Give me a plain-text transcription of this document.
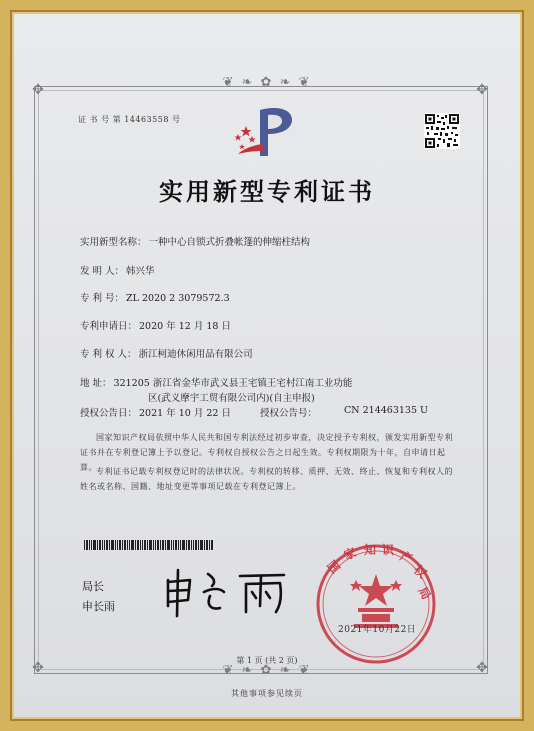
❦ ❧ ✿ ❧ ❦
❦ ❧ ✿ ❧ ❦
✥	✥
✥	✥
证 书 号 第 14463558 号
实用新型专利证书
实用新型名称： 一种中心自锁式折叠帐篷的伸缩柱结构
发 明 人： 韩兴华
专 利 号： ZL 2020 2 3079572.3
专利申请日： 2020 年 12 月 18 日
专 利 权 人： 浙江柯迪休闲用品有限公司
地 址： 321205 浙江省金华市武义县王宅镇王宅村江南工业功能
区(武义摩宇工贸有限公司内)(自主申报)
授权公告日： 2021 年 10 月 22 日	授权公告号：	CN 214463135 U
国家知识产权局依照中华人民共和国专利法经过初步审查，决定授予专利权，颁发实用新型专利证书并在专利登记簿上予以登记。专利权自授权公告之日起生效。专利权期限为十年，自申请日起算。 专利证书记载专利权登记时的法律状况。专利权的转移、质押、无效、终止、恢复和专利权人的姓名或名称、国籍、地址变更等事项记载在专利登记簿上。
局长
申长雨
国
家 知 识 产
权
局
2021年10月22日
第 1 页 (共 2 页)
其他事项参见续页
